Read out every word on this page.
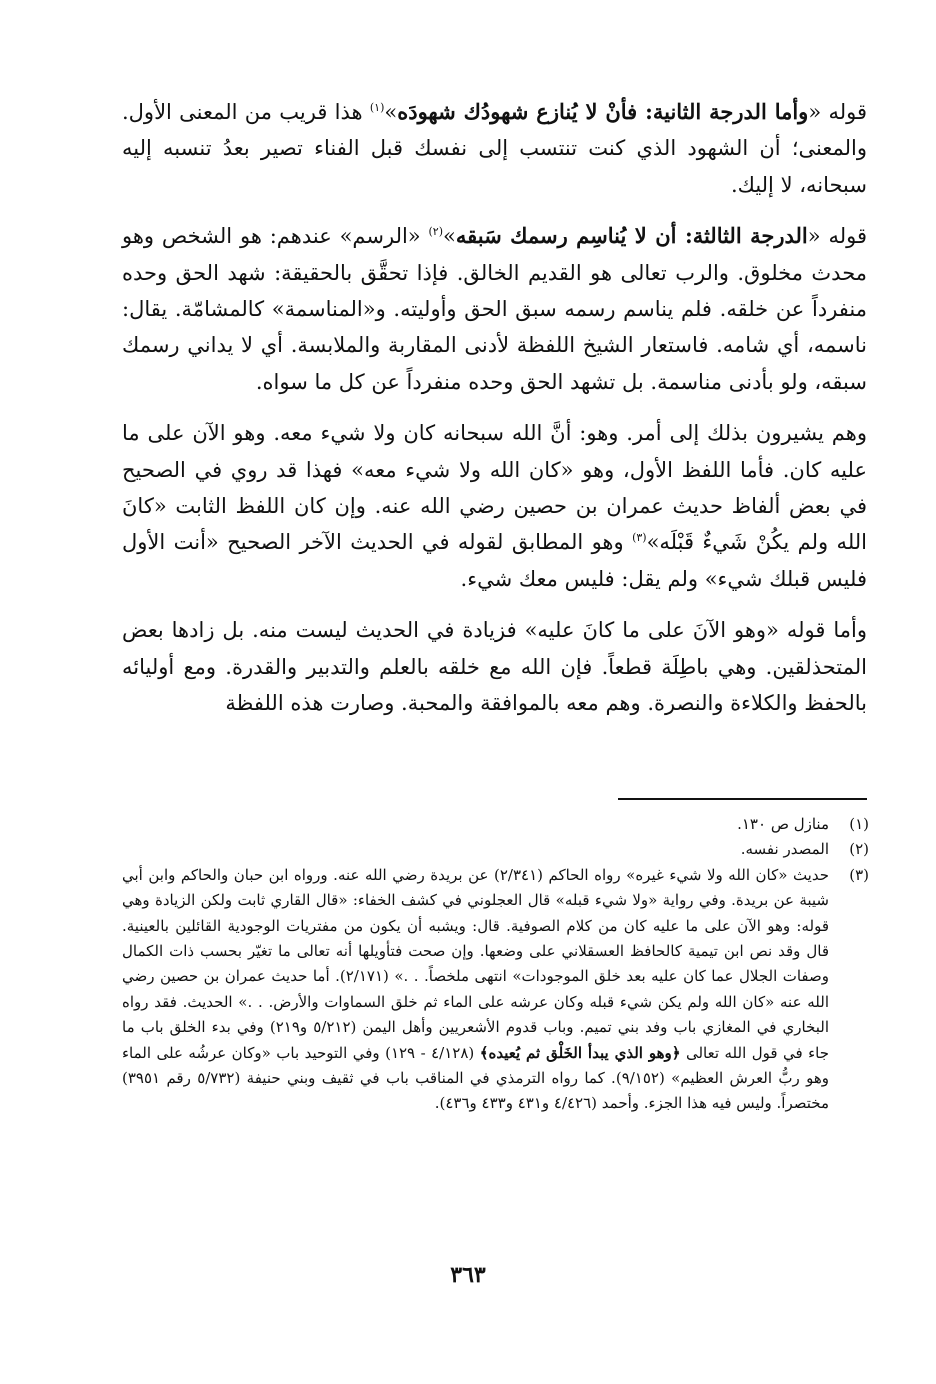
قوله «وأما الدرجة الثانية: فأنْ لا يُنازع شهودُك شهودَه»$^{(١)}$ هذا قريب من المعنى الأول. والمعنى؛ أن الشهود الذي كنت تنتسب إلى نفسك قبل الفناء تصير بعدُ تنسبه إليه سبحانه، لا إليك.

قوله «الدرجة الثالثة: أن لا يُناسِم رسمك سَبقه»$^{(٢)}$ «الرسم» عندهم: هو الشخص وهو محدث مخلوق. والرب تعالى هو القديم الخالق. فإذا تحقَّق بالحقيقة: شهد الحق وحده منفرداً عن خلقه. فلم يناسم رسمه سبق الحق وأوليته. و«المناسمة» كالمشامّة. يقال: ناسمه، أي شامه. فاستعار الشيخ اللفظة لأدنى المقاربة والملابسة. أي لا يداني رسمك سبقه، ولو بأدنى مناسمة. بل تشهد الحق وحده منفرداً عن كل ما سواه.

وهم يشيرون بذلك إلى أمر. وهو: أنَّ الله سبحانه كان ولا شيء معه. وهو الآن على ما عليه كان. فأما اللفظ الأول، وهو «كان الله ولا شيء معه» فهذا قد روي في الصحيح في بعض ألفاظ حديث عمران بن حصين رضي الله عنه. وإن كان اللفظ الثابت «كانَ الله ولم يكُنْ شَيءٌ قَبْلَه»$^{(٣)}$ وهو المطابق لقوله في الحديث الآخر الصحيح «أنت الأول فليس قبلك شيء» ولم يقل: فليس معك شيء.

وأما قوله «وهو الآنَ على ما كانَ عليه» فزيادة في الحديث ليست منه. بل زادها بعض المتحذلقين. وهي باطِلَة قطعاً. فإن الله مع خلقه بالعلم والتدبير والقدرة. ومع أوليائه بالحفظ والكلاءة والنصرة. وهم معه بالموافقة والمحبة. وصارت هذه اللفظة

(١)
منازل ص ١٣٠.
(٢)
المصدر نفسه.
(٣)
حديث «كان الله ولا شيء غيره» رواه الحاكم (٢/٣٤١) عن بريدة رضي الله عنه. ورواه ابن حبان والحاكم وابن أبي شيبة عن بريدة. وفي رواية «ولا شيء قبله» قال العجلوني في كشف الخفاء: «قال القاري ثابت ولكن الزيادة وهي قوله: وهو الآن على ما عليه كان من كلام الصوفية. قال: ويشبه أن يكون من مفتريات الوجودية القائلين بالعينية. قال وقد نص ابن تيمية كالحافظ العسقلاني على وضعها. وإن صحت فتأويلها أنه تعالى ما تغيّر بحسب ذات الكمال وصفات الجلال عما كان عليه بعد خلق الموجودات» انتهى ملخصاً. . .» (٢/١٧١). أما حديث عمران بن حصين رضي الله عنه «كان الله ولم يكن شيء قبله وكان عرشه على الماء ثم خلق السماوات والأرض. . .» الحديث. فقد رواه البخاري في المغازي باب وفد بني تميم. وباب قدوم الأشعريين وأهل اليمن (٥/٢١٢ و٢١٩) وفي بدء الخلق باب ما جاء في قول الله تعالى ﴿وهو الذي يبدأ الخَلْق ثم يُعيده﴾ (٤/١٢٨ - ١٢٩) وفي التوحيد باب «وكان عرشُه على الماء وهو ربُّ العرش العظيم» (٩/١٥٢). كما رواه الترمذي في المناقب باب في ثقيف وبني حنيفة (٥/٧٣٢ رقم ٣٩٥١) مختصراً. وليس فيه هذا الجزء. وأحمد (٤/٤٢٦ و٤٣١ و٤٣٣ و٤٣٦).
٣٦٣
